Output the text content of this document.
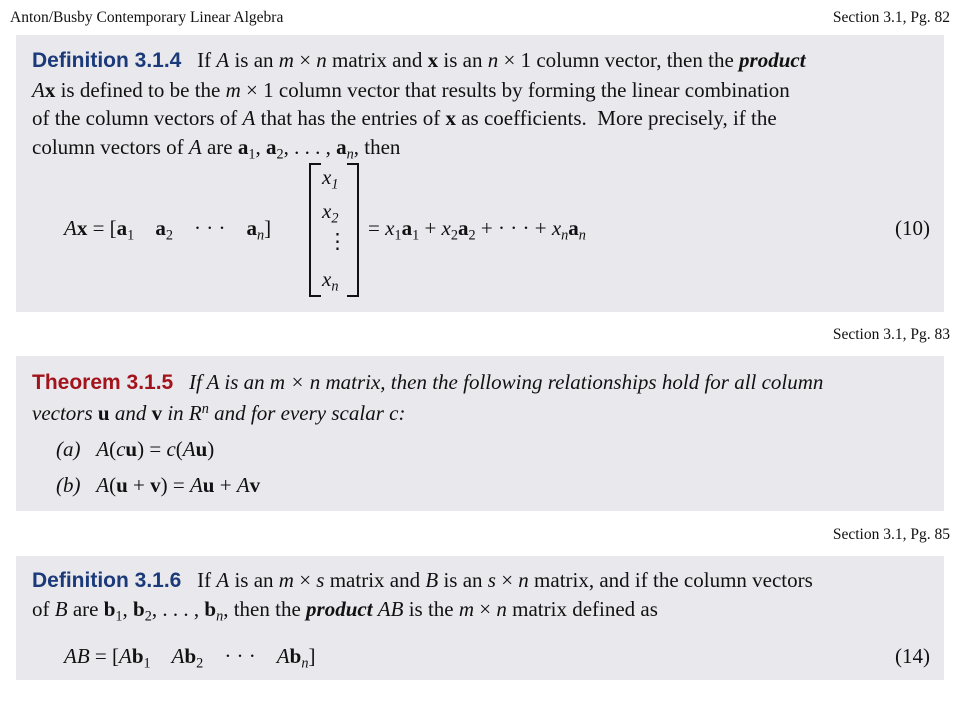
Anton/Busby Contemporary Linear Algebra	Section 3.1, Pg. 82
Definition 3.1.4   If A is an m × n matrix and x is an n × 1 column vector, then the product
Ax is defined to be the m × 1 column vector that results by forming the linear combination
of the column vectors of A that has the entries of x as coefficients.  More precisely, if the
column vectors of A are $a_1$, $a_2$, . . . , $a_n$, then
$Ax = [a_1$ $a_2$    · · ·    $a_n$]
$x_1$
$x_2$
⋮
$x_n$
= $x_1a_1 + x_2a_2$ + · · · + $x_na_n$	(10)
Section 3.1, Pg. 83
Theorem 3.1.5 If A is an m × n matrix, then the following relationships hold for all column
vectors u and v in $R^n$ and for every scalar c:
(a) A(cu) = c(Au)
(b) A(u + v) = Au + Av
Section 3.1, Pg. 85
Definition 3.1.6   If A is an m × s matrix and B is an s × n matrix, and if the column vectors
of B are $b_1$, $b_2$, . . . , $b_n$, then the product AB is the m × n matrix defined as
AB = [$Ab_1$ $Ab_2$    · · ·    $Ab_n$]	(14)
